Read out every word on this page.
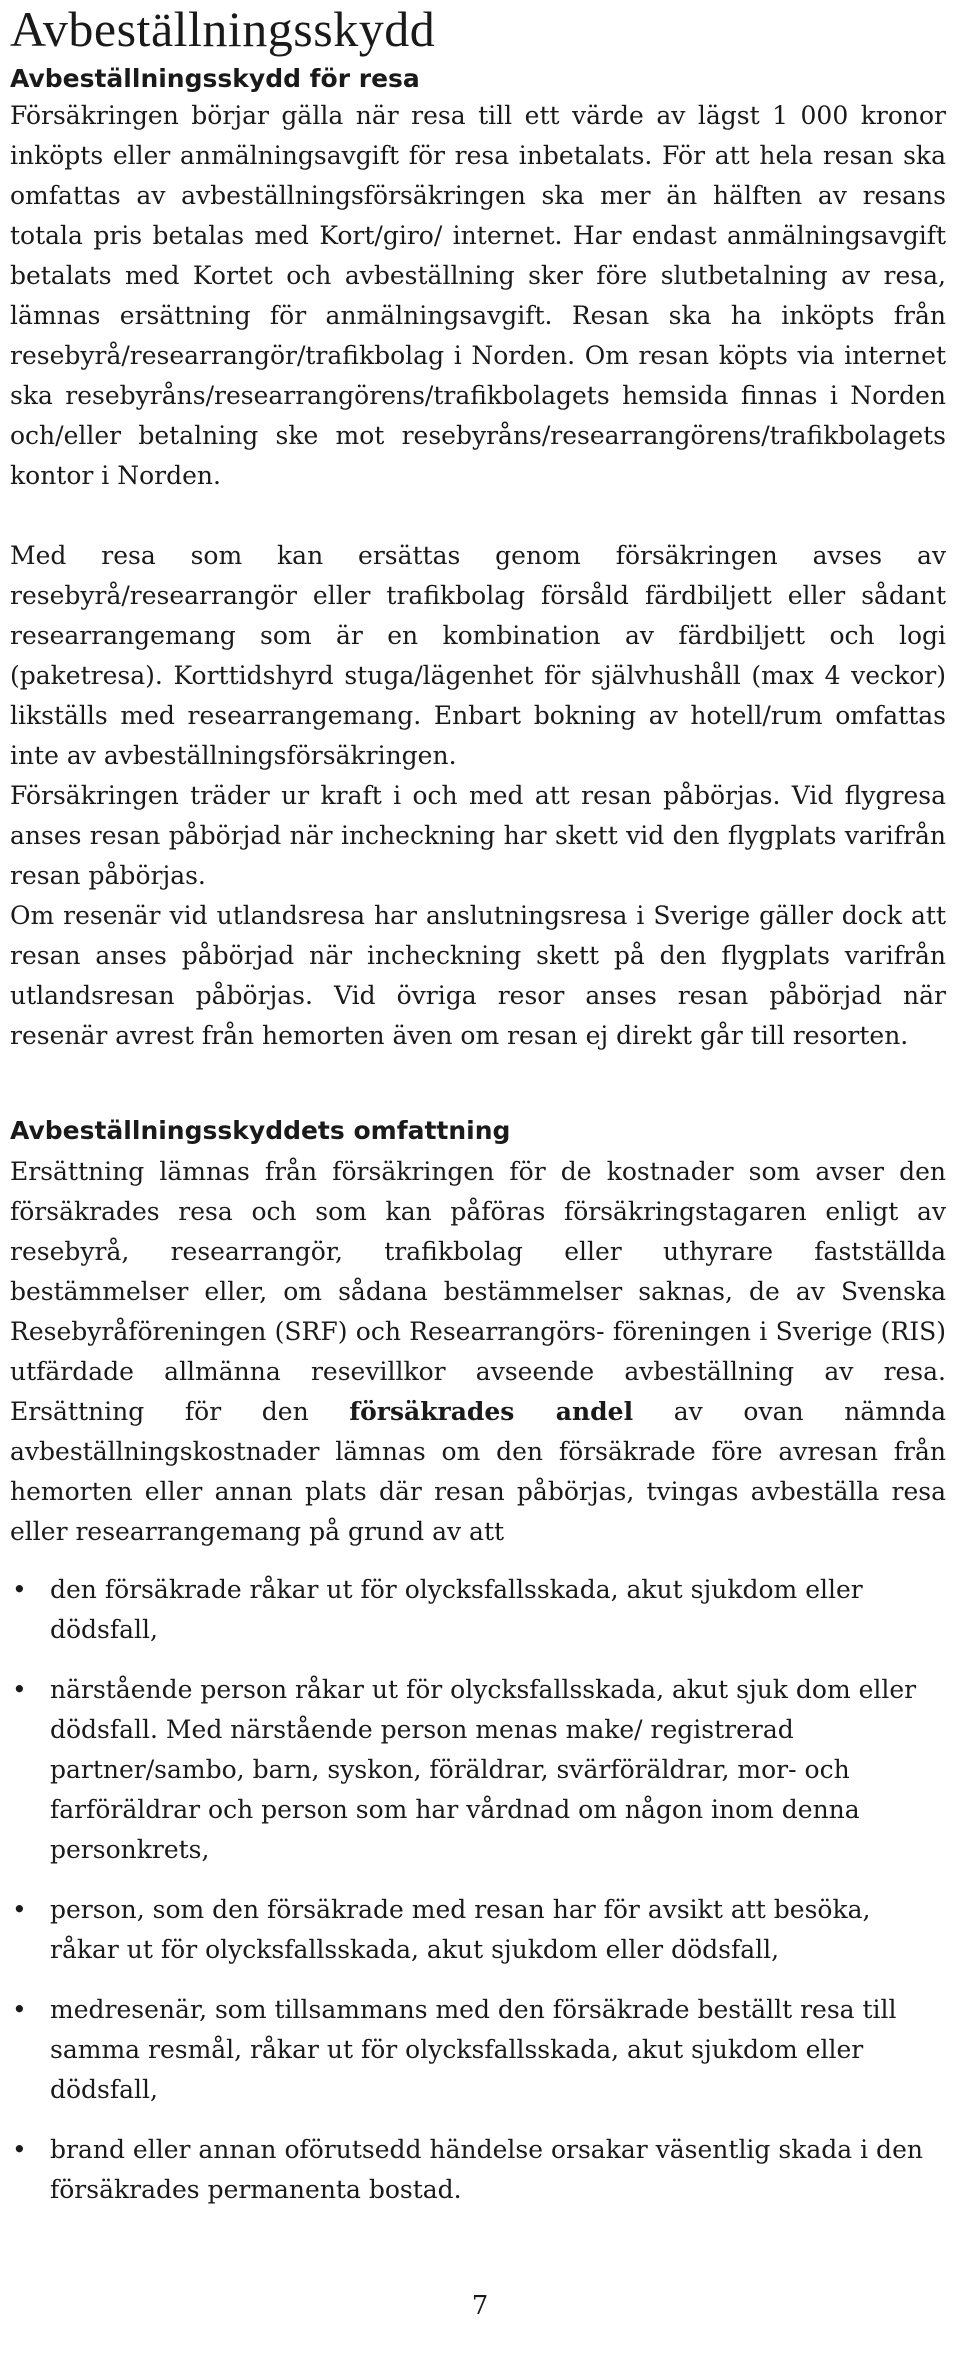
Avbeställningsskydd
Avbeställningsskydd för resa

Försäkringen börjar gälla när resa till ett värde av lägst 1 000 kronor inköpts eller anmälningsavgift för resa inbetalats. För att hela resan ska omfattas av avbeställningsförsäkringen ska mer än hälften av resans totala pris betalas med Kort/giro/ internet. Har endast anmälningsavgift betalats med Kortet och avbeställning sker före slutbetalning av resa, lämnas ersättning för anmälningsavgift. Resan ska ha inköpts från resebyrå/researrangör/trafikbolag i Norden. Om resan köpts via internet ska resebyråns/researrangörens/trafikbolagets hemsida finnas i Norden och/eller betalning ske mot resebyråns/researrangörens/trafikbolagets kontor i Norden.

Med resa som kan ersättas genom försäkringen avses av resebyrå/researrangör eller trafikbolag försåld färdbiljett eller sådant researrangemang som är en kombination av färdbiljett och logi (paketresa). Korttidshyrd stuga/lägenhet för självhushåll (max 4 veckor) likställs med researrangemang. Enbart bokning av hotell/rum omfattas inte av avbeställningsförsäkringen.

Försäkringen träder ur kraft i och med att resan påbörjas. Vid flygresa anses resan påbörjad när incheckning har skett vid den flygplats varifrån resan påbörjas.

Om resenär vid utlandsresa har anslutningsresa i Sverige gäller dock att resan anses påbörjad när incheckning skett på den flygplats varifrån utlandsresan påbörjas. Vid övriga resor anses resan påbörjad när resenär avrest från hemorten även om resan ej direkt går till resorten.

Avbeställningsskyddets omfattning

Ersättning lämnas från försäkringen för de kostnader som avser den försäkrades resa och som kan påföras försäkringstagaren enligt av resebyrå, researrangör, trafikbolag eller uthyrare fastställda bestämmelser eller, om sådana bestämmelser saknas, de av Svenska Resebyråföreningen (SRF) och Researrangörs- föreningen i Sverige (RIS) utfärdade allmänna resevillkor avseende avbeställning av resa. Ersättning för den försäkrades andel av ovan nämnda avbeställningskostnader lämnas om den försäkrade före avresan från hemorten eller annan plats där resan påbörjas, tvingas avbeställa resa eller researrangemang på grund av att

• den försäkrade råkar ut för olycksfallsskada, akut sjukdom eller dödsfall,
• närstående person råkar ut för olycksfallsskada, akut sjuk dom eller dödsfall. Med närstående person menas make/ registrerad partner/sambo, barn, syskon, föräldrar, svärföräldrar, mor- och farföräldrar och person som har vårdnad om någon inom denna personkrets,
• person, som den försäkrade med resan har för avsikt att besöka, råkar ut för olycksfallsskada, akut sjukdom eller dödsfall,
• medresenär, som tillsammans med den försäkrade beställt resa till samma resmål, råkar ut för olycksfallsskada, akut sjukdom eller dödsfall,
• brand eller annan oförutsedd händelse orsakar väsentlig skada i den försäkrades permanenta bostad.
7
